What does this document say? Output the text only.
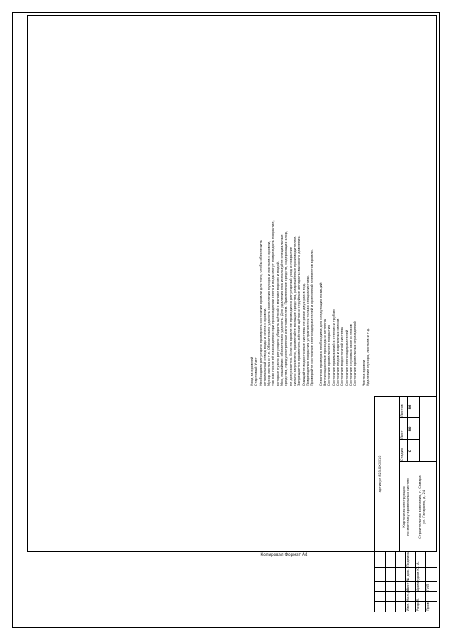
Уход за кровлей Стартовый Учет Необходимо регулярно проверять состояние кровли для того, чтобы обеспечить оптимальный отвод воды и снега с кровли. Мусор листья и т.п. Обязательно удалять скопления мусора и листьев с кровли, так как после её нахождения при прохождении снега и воды могут повреждать покрытие, которые нужно регулярно убирать щёткой с мягким ворсом и водой. Мох, лишайник: обязательно удалять. Для удаления мха используйте специальные средства, предусмотренные изготовителем. Применение средств, содержащих хлор, не допускается. Если на кровле не проводился регулярный уход и покрытие сильно загрязнено, применяйте моющие средства, разрешённые производителем. Запрещается применять жёсткие щётки и струйные аппараты высокого давления. Очищайте водосточные системы не реже двух раз в год. Повреждения покрытия устраняются только специалистами. Проверяйте состояние снегозадержателей и креплений элементов кровли.

Сезонная проверка необходима для следующих позиций: Вентиляционные проходы и антенны Состояние кровельного покрытия Состояние примыканий к стенам и трубам Состояние ендов и карнизных свесов Состояние водосточной системы Состояние снегозадержателей Состояние слуховых окон и люков Состояние кровельных ограждений

Чистка кровли Удаление мусора, листьев и т.д.

артикул 823-БК0010
Карточная инструкция по монтажу кровельных систем Строительная компания, г. Самара ул. Гагарина, д. 24
Стадия
Лист
Листов
С
80
86
Разраб. Пров.
Арматуров Ю. А. ГИП
Изм.
Кол.уч
Лист
№ док.
Подпись
Копировал Формат А4
